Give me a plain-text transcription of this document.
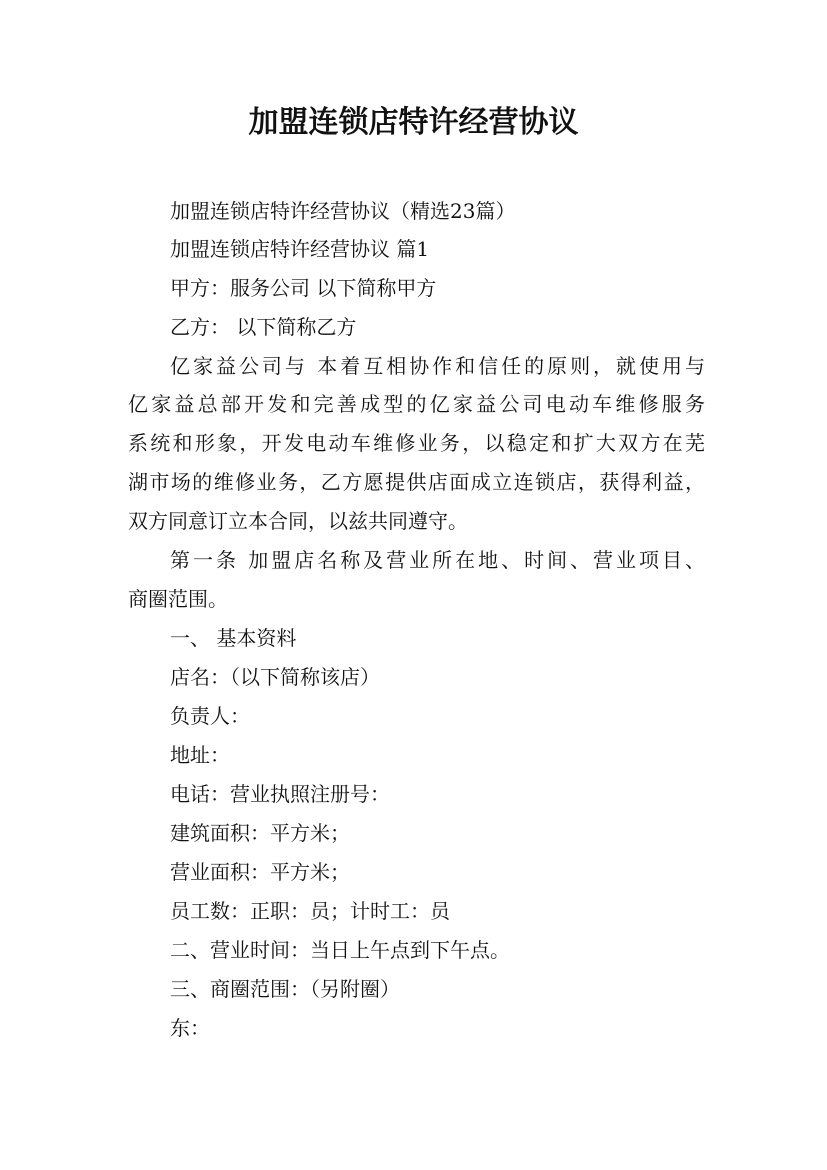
加盟连锁店特许经营协议
加盟连锁店特许经营协议（精选23篇）
加盟连锁店特许经营协议 篇1
甲方：服务公司 以下简称甲方
乙方： 以下简称乙方
亿家益公司与 本着互相协作和信任的原则，就使用与
亿家益总部开发和完善成型的亿家益公司电动车维修服务
系统和形象，开发电动车维修业务，以稳定和扩大双方在芜
湖市场的维修业务，乙方愿提供店面成立连锁店，获得利益，
双方同意订立本合同，以兹共同遵守。
第一条 加盟店名称及营业所在地、时间、营业项目、
商圈范围。
一、 基本资料
店名：（以下简称该店）
负责人：
地址：
电话：营业执照注册号：
建筑面积：平方米；
营业面积：平方米；
员工数：正职：员；计时工：员
二、营业时间：当日上午点到下午点。
三、商圈范围：（另附圈）
东：
